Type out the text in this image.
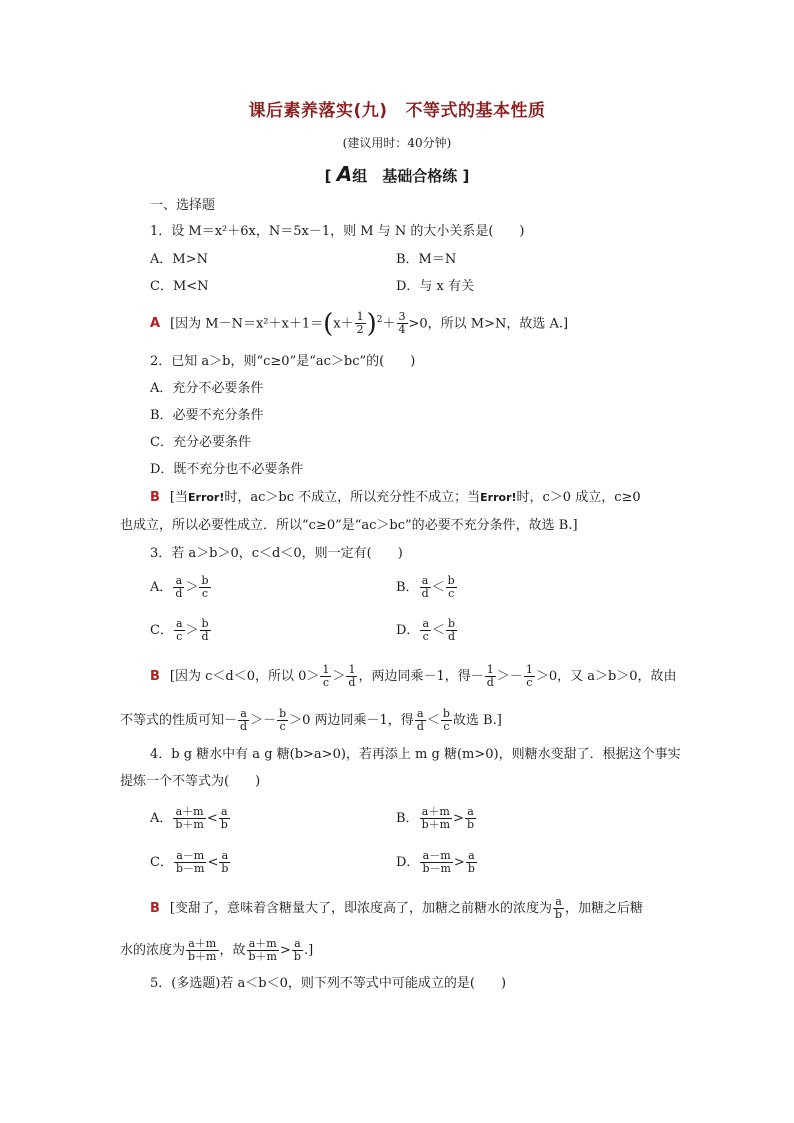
课后素养落实(九) 不等式的基本性质
(建议用时：40分钟)
[ A组　基础合格练 ]
一、选择题
1．设 M＝x²＋6x，N＝5x－1，则 M 与 N 的大小关系是(　　)
A．M>N	B．M＝N
C．M<N	D．与 x 有关
A [因为 $M-N=x^2+x+1=(x+ \frac{1}{2} )^2+ \frac{3}{4} >0$，所以 M>N，故选 A.]
2．已知 a＞b，则“c≥0”是“ac＞bc”的(　　)
A．充分不必要条件
B．必要不充分条件
C．充分必要条件
D．既不充分也不必要条件
B [当Error!时，ac＞bc 不成立，所以充分性不成立；当Error!时，c＞0 成立，c≥0
也成立，所以必要性成立．所以“c≥0”是“ac＞bc”的必要不充分条件，故选 B.]
3．若 a＞b＞0，c＜d＜0，则一定有(　　)
A． $\frac{a}{d} > \frac{b}{c}$	B． $\frac{a}{d} < \frac{b}{c}$
C． $\frac{a}{c} > \frac{b}{d}$	D． $\frac{a}{c} < \frac{b}{d}$
B [因为 c＜d＜0，所以 $0> \frac{1}{c} > \frac{1}{d}$ ，两边同乘－1，得－ $\frac{1}{d} >- \frac{1}{c} >0$，又 a＞b＞0，故由
不等式的性质可知－ $\frac{a}{d} >- \frac{b}{c} >0$ 两边同乘－1，得 $\frac{a}{d} < \frac{b}{c}$ 故选 B.]
4．b g 糖水中有 a g 糖(b>a>0)，若再添上 m g 糖(m>0)，则糖水变甜了．根据这个事实
提炼一个不等式为(　　)
A． $\frac{a+m}{b+m} < \frac{a}{b}$	B． $\frac{a+m}{b+m} > \frac{a}{b}$
C． $\frac{a-m}{b-m} < \frac{a}{b}$	D． $\frac{a-m}{b-m} > \frac{a}{b}$
B [变甜了，意味着含糖量大了，即浓度高了，加糖之前糖水的浓度为 $\frac{a}{b}$ ，加糖之后糖
水的浓度为 $\frac{a+m}{b+m}$ ，故 $\frac{a+m}{b+m} > \frac{a}{b}$ .]
5．(多选题)若 a＜b＜0，则下列不等式中可能成立的是(　　)
